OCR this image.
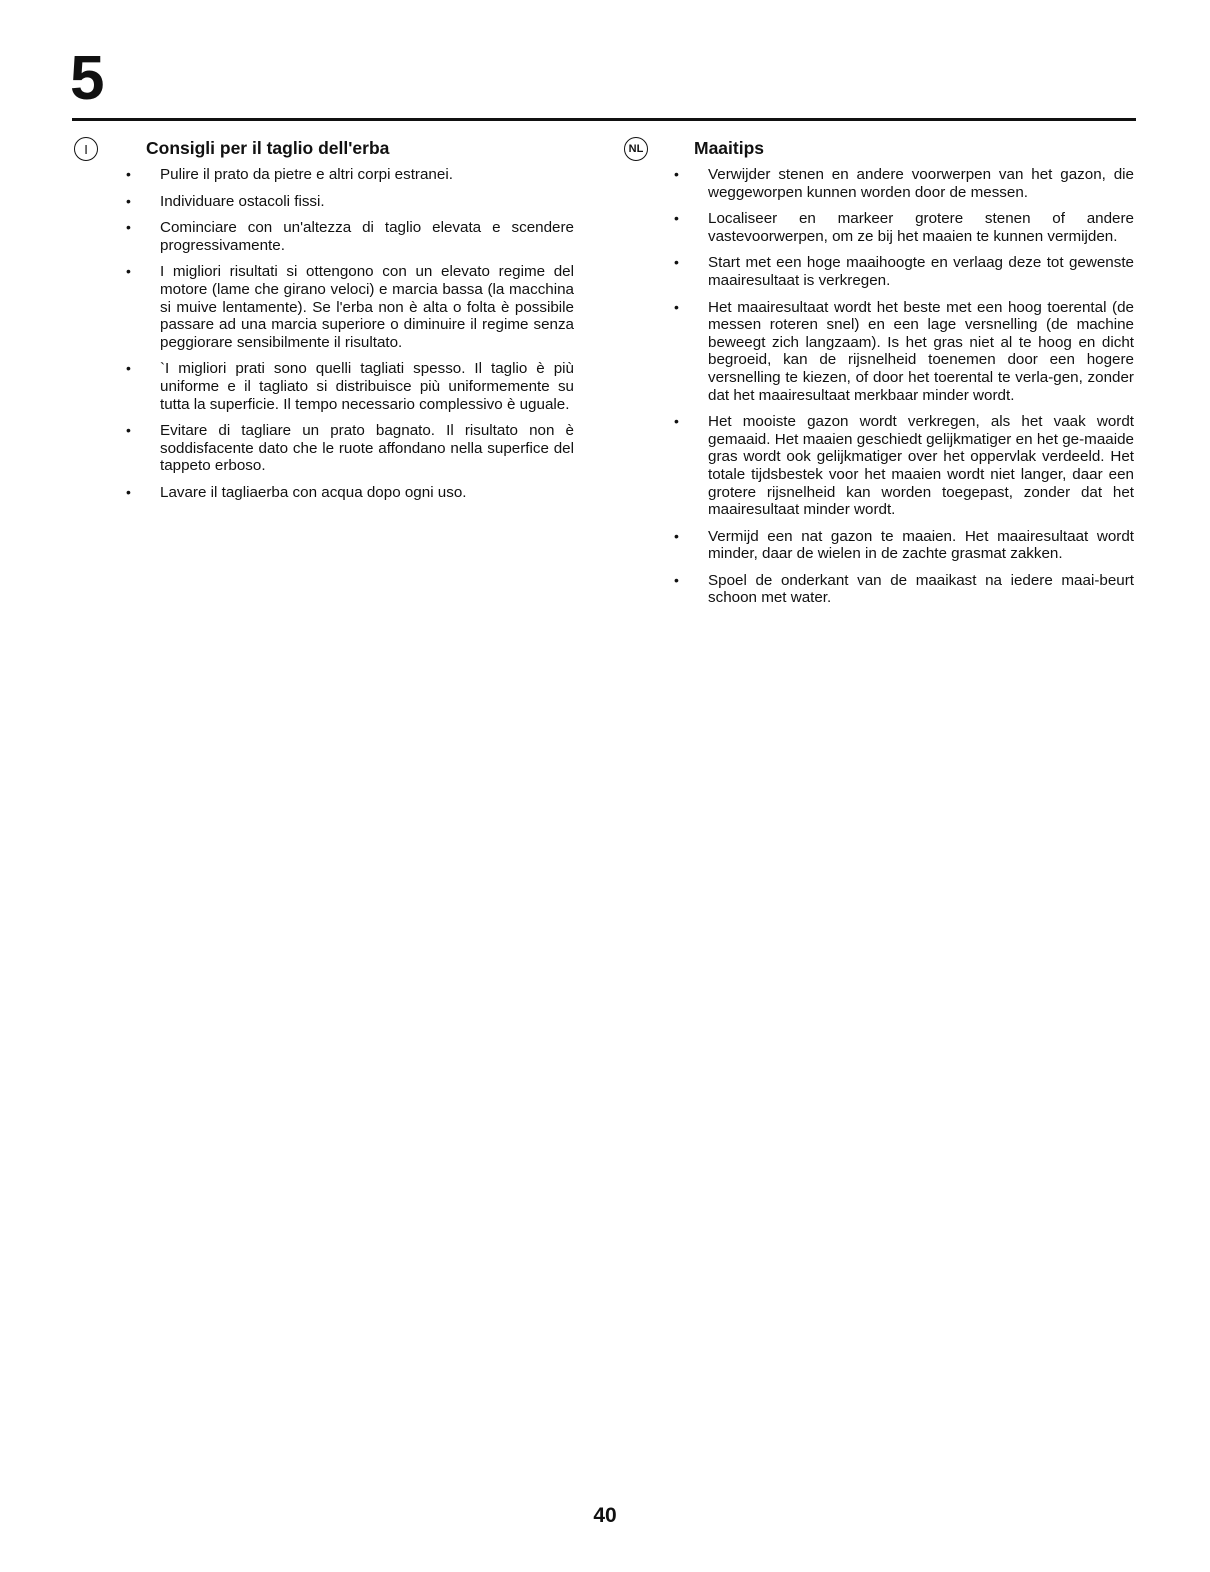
5
I	Consigli per il taglio dell'erba
• Pulire il prato da pietre e altri corpi estranei.
• Individuare ostacoli fissi.
• Cominciare con un'altezza di taglio elevata e scendere progressivamente.
• I migliori risultati si ottengono con un elevato regime del motore (lame che girano veloci) e marcia bassa (la macchina si muive lentamente). Se l'erba non è alta o folta è possibile passare ad una marcia superiore o diminuire il regime senza peggiorare sensibilmente il risultato.
• `I migliori prati sono quelli tagliati spesso. Il taglio è più uniforme e il tagliato si distribuisce più uniformemente su tutta la superficie. Il tempo necessario complessivo è uguale.
• Evitare di tagliare un prato bagnato. Il risultato non è soddisfacente dato che le ruote affondano nella superfice del tappeto erboso.
• Lavare il tagliaerba con acqua dopo ogni uso.
NL	Maaitips
• Verwijder stenen en andere voorwerpen van het gazon, die weggeworpen kunnen worden door de messen.
• Localiseer en markeer grotere stenen of andere vastevoorwerpen, om ze bij het maaien te kunnen vermijden.
• Start met een hoge maaihoogte en verlaag deze tot gewenste maairesultaat is verkregen.
• Het maairesultaat wordt het beste met een hoog toerental (de messen roteren snel) en een lage versnelling (de machine beweegt zich langzaam). Is het gras niet al te hoog en dicht begroeid, kan de rijsnelheid toenemen door een hogere versnelling te kiezen, of door het toerental te verla-gen, zonder dat het maairesultaat merkbaar minder wordt.
• Het mooiste gazon wordt verkregen, als het vaak wordt gemaaid. Het maaien geschiedt gelijkmatiger en het ge-maaide gras wordt ook gelijkmatiger over het oppervlak verdeeld. Het totale tijdsbestek voor het maaien wordt niet langer, daar een grotere rijsnelheid kan worden toegepast, zonder dat het maairesultaat minder wordt.
• Vermijd een nat gazon te maaien. Het maairesultaat wordt minder, daar de wielen in de zachte grasmat zakken.
• Spoel de onderkant van de maaikast na iedere maai-beurt schoon met water.
40
